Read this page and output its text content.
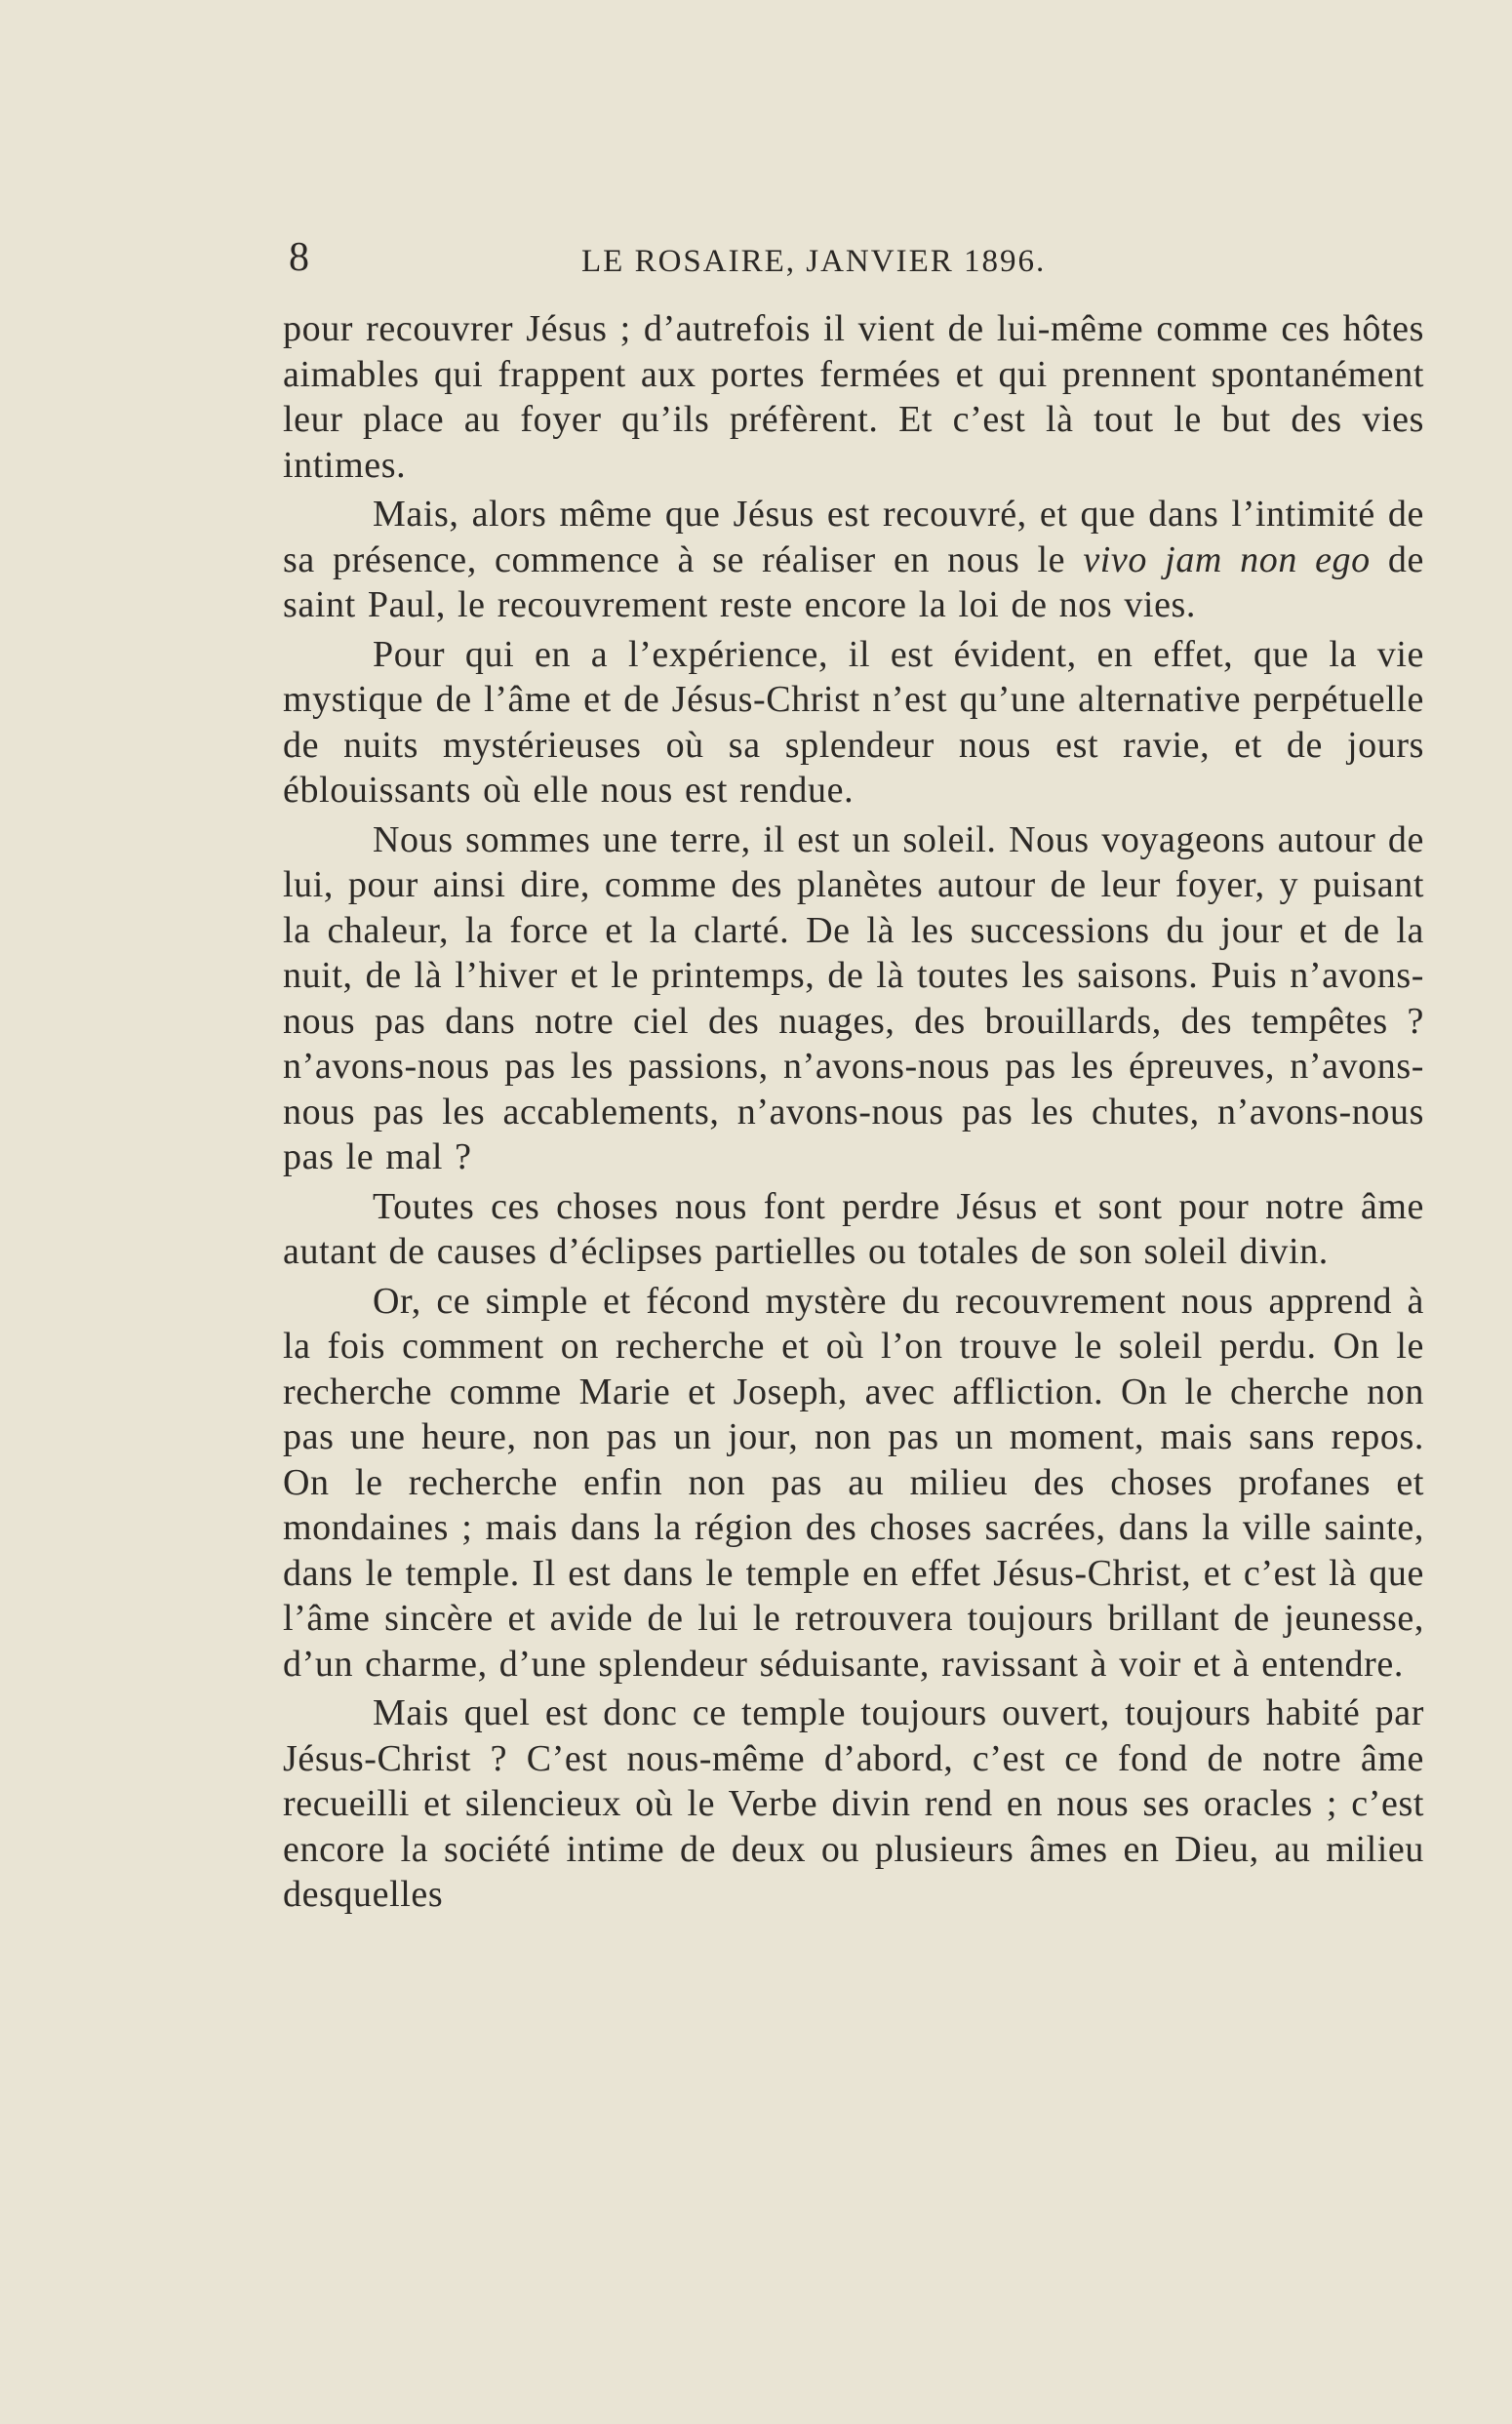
8	LE ROSAIRE, JANVIER 1896.

pour recouvrer Jésus ; d’autrefois il vient de lui-même comme ces hôtes aimables qui frappent aux portes fermées et qui prennent spontanément leur place au foyer qu’ils préfèrent. Et c’est là tout le but des vies intimes.

Mais, alors même que Jésus est recouvré, et que dans l’intimité de sa présence, commence à se réaliser en nous le vivo jam non ego de saint Paul, le recouvrement reste encore la loi de nos vies.

Pour qui en a l’expérience, il est évident, en effet, que la vie mystique de l’âme et de Jésus-Christ n’est qu’une alternative perpétuelle de nuits mystérieuses où sa splendeur nous est ravie, et de jours éblouissants où elle nous est rendue.

Nous sommes une terre, il est un soleil. Nous voyageons autour de lui, pour ainsi dire, comme des planètes autour de leur foyer, y puisant la chaleur, la force et la clarté. De là les successions du jour et de la nuit, de là l’hiver et le printemps, de là toutes les saisons. Puis n’avons-nous pas dans notre ciel des nuages, des brouillards, des tempêtes ? n’avons-nous pas les passions, n’avons-nous pas les épreuves, n’avons-nous pas les accablements, n’avons-nous pas les chutes, n’avons-nous pas le mal ?

Toutes ces choses nous font perdre Jésus et sont pour notre âme autant de causes d’éclipses partielles ou totales de son soleil divin.

Or, ce simple et fécond mystère du recouvrement nous apprend à la fois comment on recherche et où l’on trouve le soleil perdu. On le recherche comme Marie et Joseph, avec affliction. On le cherche non pas une heure, non pas un jour, non pas un moment, mais sans repos. On le recherche enfin non pas au milieu des choses profanes et mondaines ; mais dans la région des choses sacrées, dans la ville sainte, dans le temple. Il est dans le temple en effet Jésus-Christ, et c’est là que l’âme sincère et avide de lui le retrouvera toujours brillant de jeunesse, d’un charme, d’une splendeur séduisante, ravissant à voir et à entendre.

Mais quel est donc ce temple toujours ouvert, toujours habité par Jésus-Christ ? C’est nous-même d’abord, c’est ce fond de notre âme recueilli et silencieux où le Verbe divin rend en nous ses oracles ; c’est encore la société intime de deux ou plusieurs âmes en Dieu, au milieu desquelles
